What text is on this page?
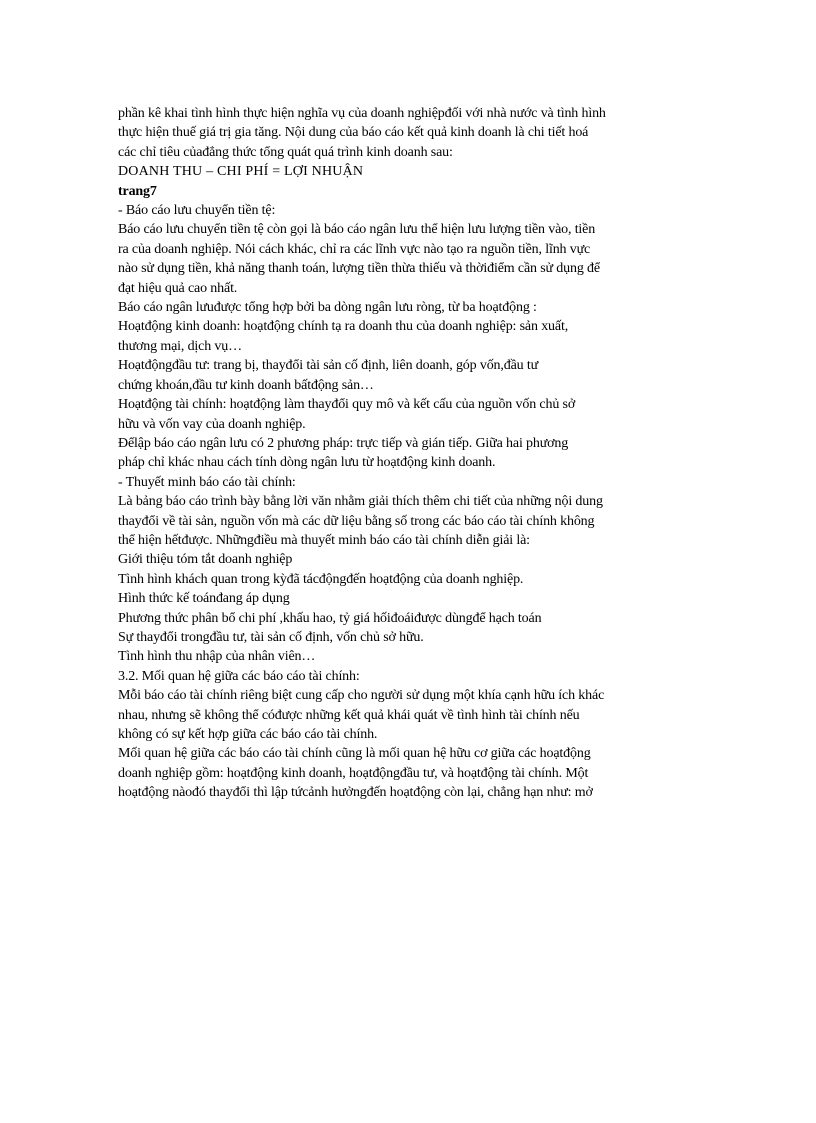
phần kê khai tình hình thực hiện nghĩa vụ của doanh nghiệpđối với nhà nước và tình hình
thực hiện thuế giá trị gia tăng. Nội dung của báo cáo kết quả kinh doanh là chi tiết hoá
các chỉ tiêu củađẳng thức tổng quát quá trình kinh doanh sau:
DOANH THU – CHI PHÍ = LỢI NHUẬN
trang7
- Báo cáo lưu chuyển tiền tệ:
Báo cáo lưu chuyển tiền tệ còn gọi là báo cáo ngân lưu thể hiện lưu lượng tiền vào, tiền
ra của doanh nghiệp. Nói cách khác, chỉ ra các lĩnh vực nào tạo ra nguồn tiền, lĩnh vực
nào sử dụng tiền, khả năng thanh toán, lượng tiền thừa thiếu và thờiđiểm cần sử dụng để
đạt hiệu quả cao nhất.
Báo cáo ngân lưuđược tổng hợp bởi ba dòng ngân lưu ròng, từ ba hoạtđộng :
Hoạtđộng kinh doanh: hoạtđộng chính tạ ra doanh thu của doanh nghiệp: sản xuất,
thương mại, dịch vụ…
Hoạtđộngđầu tư: trang bị, thayđổi tài sản cố định, liên doanh, góp vốn,đầu tư
chứng khoán,đầu tư kinh doanh bấtđộng sản…
Hoạtđộng tài chính: hoạtđộng làm thayđổi quy mô và kết cấu của nguồn vốn chủ sở
hữu và vốn vay của doanh nghiệp.
Đểlập báo cáo ngân lưu có 2 phương pháp: trực tiếp và gián tiếp. Giữa hai phương
pháp chỉ khác nhau cách tính dòng ngân lưu từ hoạtđộng kinh doanh.
- Thuyết minh báo cáo tài chính:
Là bảng báo cáo trình bày bằng lời văn nhằm giải thích thêm chi tiết của những nội dung
thayđổi về tài sản, nguồn vốn mà các dữ liệu bằng số trong các báo cáo tài chính không
thể hiện hếtđược. Nhữngđiều mà thuyết minh báo cáo tài chính diễn giải là:
Giới thiệu tóm tắt doanh nghiệp
Tình hình khách quan trong kỳđã tácđộngđến hoạtđộng của doanh nghiệp.
Hình thức kế toánđang áp dụng
Phương thức phân bổ chi phí ,khấu hao, tỷ giá hốiđoáiđược dùngđể hạch toán
Sự thayđổi trongđầu tư, tài sản cố định, vốn chủ sở hữu.
Tình hình thu nhập của nhân viên…
3.2. Mối quan hệ giữa các báo cáo tài chính:
Mỗi báo cáo tài chính riêng biệt cung cấp cho người sử dụng một khía cạnh hữu ích khác
nhau, nhưng sẽ không thể cóđược những kết quả khái quát về tình hình tài chính nếu
không có sự kết hợp giữa các báo cáo tài chính.
Mối quan hệ giữa các báo cáo tài chính cũng là mối quan hệ hữu cơ giữa các hoạtđộng
doanh nghiệp gồm: hoạtđộng kinh doanh, hoạtđộngđầu tư, và hoạtđộng tài chính. Một
hoạtđộng nàođó thayđổi thì lập tứcảnh hưởngđến hoạtđộng còn lại, chẳng hạn như: mở
